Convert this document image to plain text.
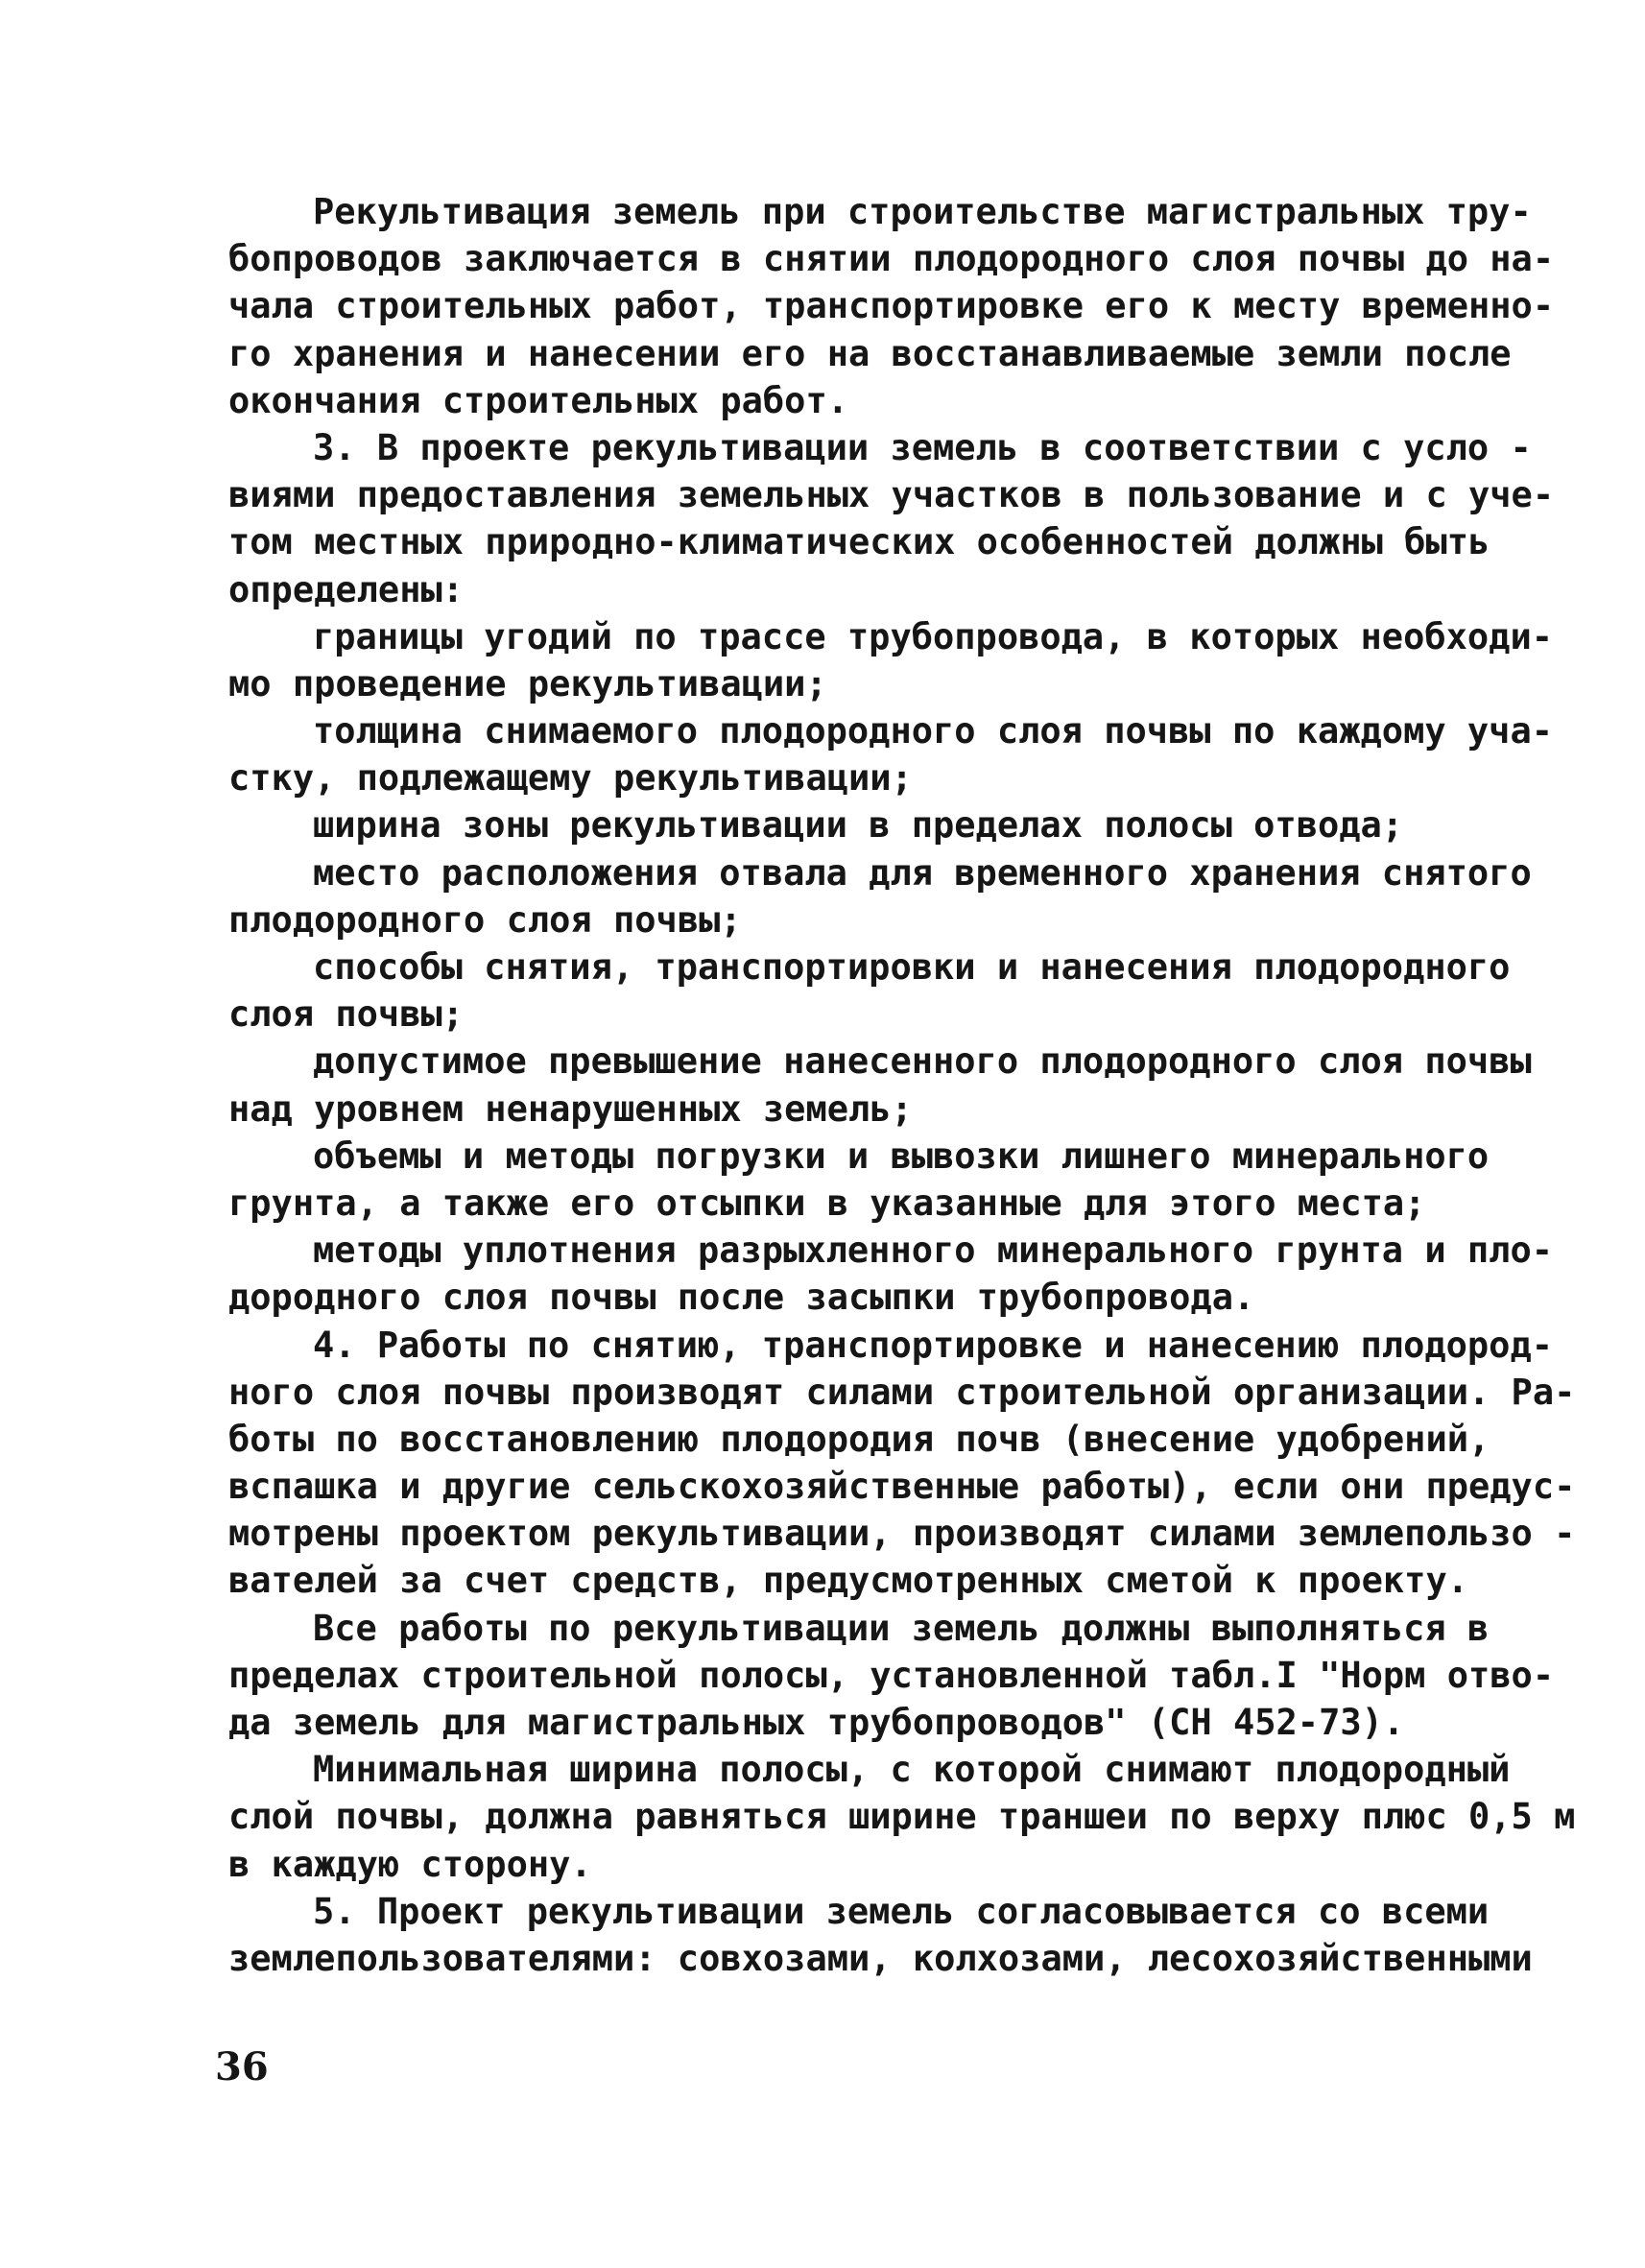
Рекультивация земель при строительстве магистральных тру-
бопроводов заключается в снятии плодородного слоя почвы до на-
чала строительных работ, транспортировке его к месту временно-
го хранения и нанесении его на восстанавливаемые земли после
окончания строительных работ.
3. В проекте рекультивации земель в соответствии с усло -
виями предоставления земельных участков в пользование и с уче-
том местных природно-климатических особенностей должны быть
определены:
границы угодий по трассе трубопровода, в которых необходи-
мо проведение рекультивации;
толщина снимаемого плодородного слоя почвы по каждому уча-
стку, подлежащему рекультивации;
ширина зоны рекультивации в пределах полосы отвода;
место расположения отвала для временного хранения снятого
плодородного слоя почвы;
способы снятия, транспортировки и нанесения плодородного
слоя почвы;
допустимое превышение нанесенного плодородного слоя почвы
над уровнем ненарушенных земель;
объемы и методы погрузки и вывозки лишнего минерального
грунта, а также его отсыпки в указанные для этого места;
методы уплотнения разрыхленного минерального грунта и пло-
дородного слоя почвы после засыпки трубопровода.
4. Работы по снятию, транспортировке и нанесению плодород-
ного слоя почвы производят силами строительной организации. Ра-
боты по восстановлению плодородия почв (внесение удобрений,
вспашка и другие сельскохозяйственные работы), если они предус-
мотрены проектом рекультивации, производят силами землепользо -
вателей за счет средств, предусмотренных сметой к проекту.
Все работы по рекультивации земель должны выполняться в
пределах строительной полосы, установленной табл.I "Норм отво-
да земель для магистральных трубопроводов" (СН 452-73).
Минимальная ширина полосы, с которой снимают плодородный
слой почвы, должна равняться ширине траншеи по верху плюс 0,5 м
в каждую сторону.
5. Проект рекультивации земель согласовывается со всеми
землепользователями: совхозами, колхозами, лесохозяйственными
36
